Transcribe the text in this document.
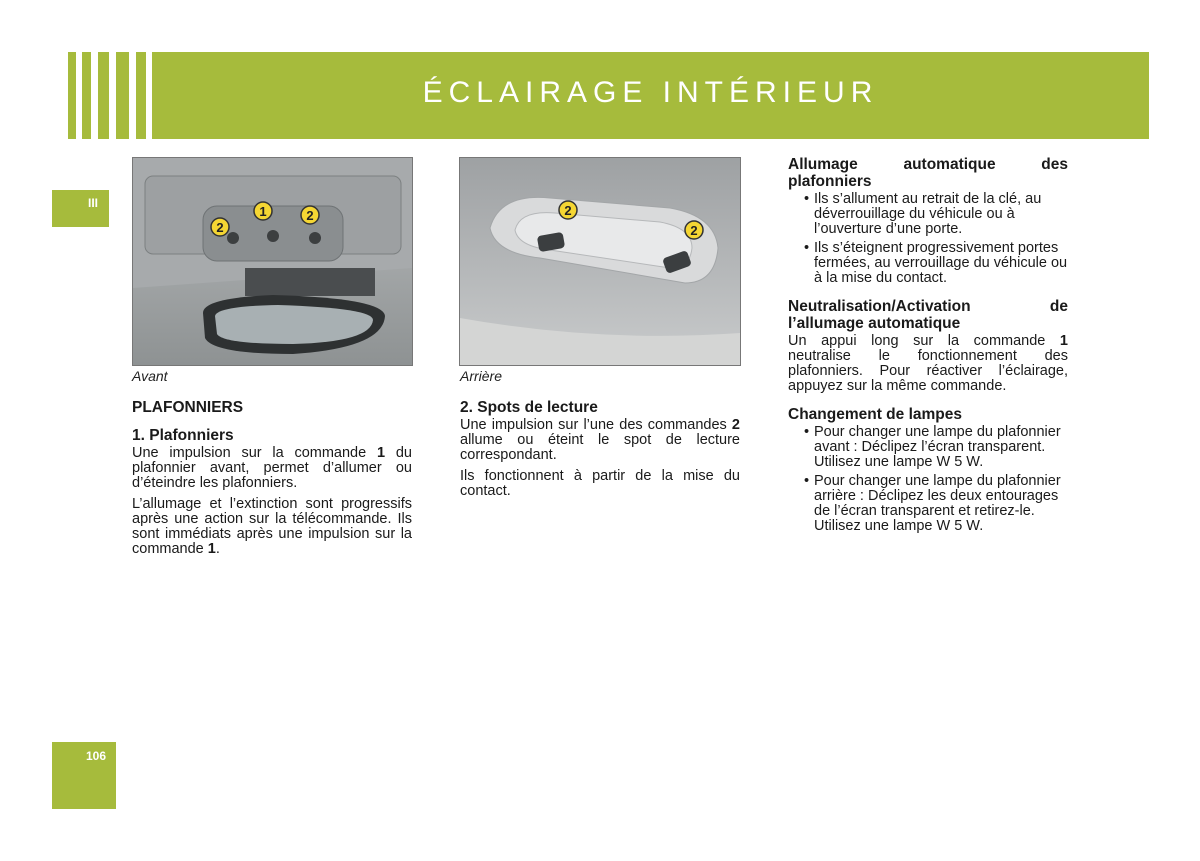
ÉCLAIRAGE INTÉRIEUR
III
2
1	2
Avant
2
2
Arrière
PLAFONNIERS
1. Plafonniers

Une impulsion sur la commande 1 du plafonnier avant, permet d’allumer ou d’éteindre les plafonniers.

L’allumage et l’extinction sont progressifs après une action sur la télécommande. Ils sont immédiats après une impulsion sur la commande 1.

2. Spots de lecture

Une impulsion sur l’une des commandes 2 allume ou éteint le spot de lecture correspondant.

Ils fonctionnent à partir de la mise du contact.

Allumage automatique des plafonniers
• Ils s’allument au retrait de la clé, au déverrouillage du véhicule ou à l’ouverture d’une porte.
• Ils s’éteignent progressivement portes fermées, au verrouillage du véhicule ou à la mise du contact.
Neutralisation/Activation de l’allumage automatique

Un appui long sur la commande 1 neutralise le fonctionnement des plafonniers. Pour réactiver l’éclairage, appuyez sur la même commande.

Changement de lampes
• Pour changer une lampe du plafonnier avant : Déclipez l’écran transparent. Utilisez une lampe W 5 W.
• Pour changer une lampe du plafonnier arrière : Déclipez les deux entourages de l’écran transparent et retirez-le. Utilisez une lampe W 5 W.
106
